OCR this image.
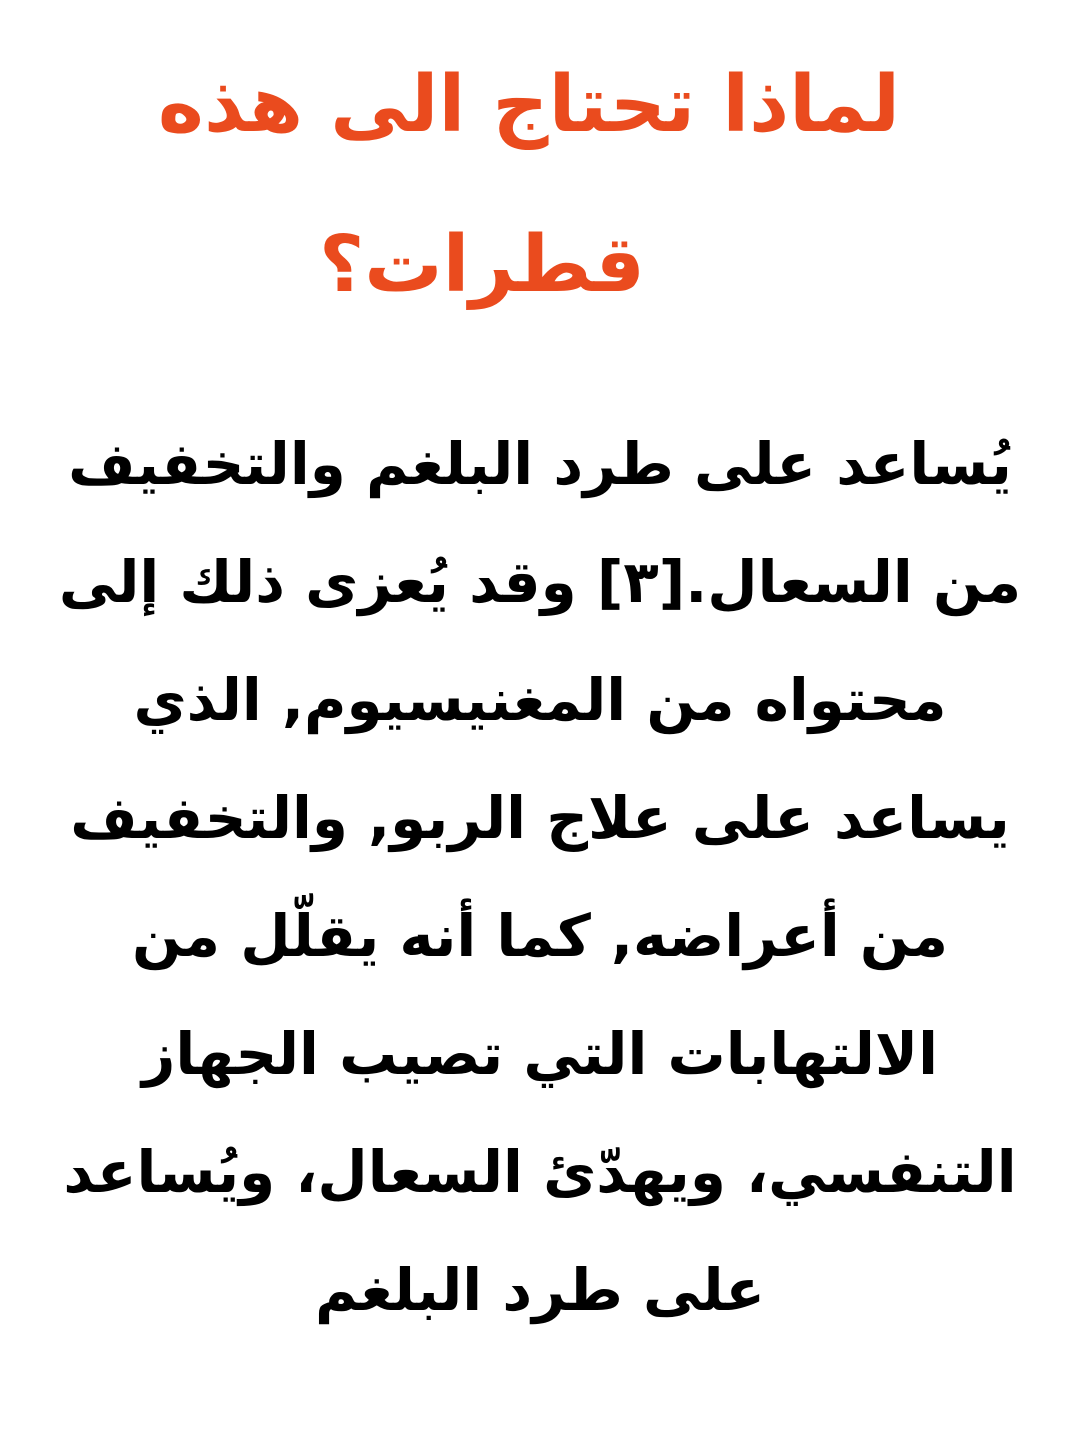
لماذا تحتاج الى هذه
قطرات؟
يُساعد على طرد البلغم والتخفيف
من السعال.[٣] وقد يُعزى ذلك إلى
محتواه من المغنيسيوم, الذي
يساعد على علاج الربو, والتخفيف
من أعراضه, كما أنه يقلّل من
الالتهابات التي تصيب الجهاز
التنفسي، ويهدّئ السعال، ويُساعد
على طرد البلغم
